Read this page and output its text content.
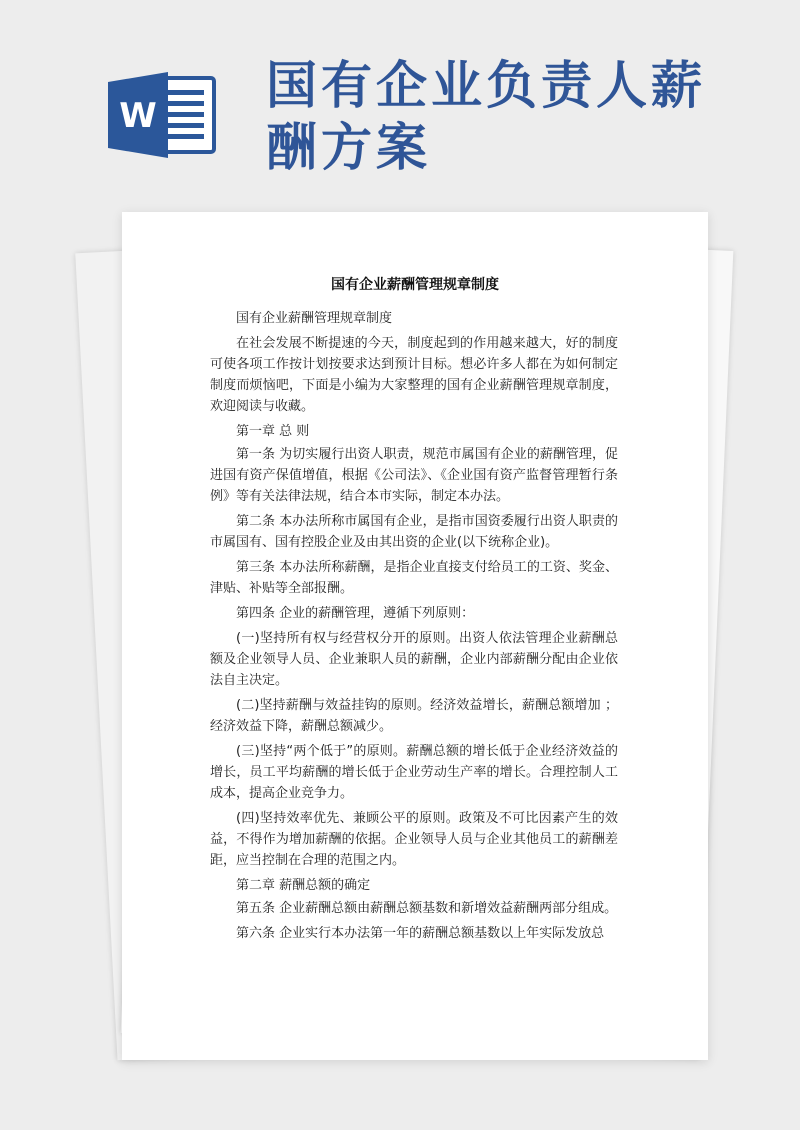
W 国有企业负责人薪
酬方案
国有企业薪酬管理规章制度

国有企业薪酬管理规章制度

在社会发展不断提速的今天，制度起到的作用越来越大，好的制度可使各项工作按计划按要求达到预计目标。想必许多人都在为如何制定制度而烦恼吧，下面是小编为大家整理的国有企业薪酬管理规章制度，欢迎阅读与收藏。

第一章 总 则

第一条 为切实履行出资人职责，规范市属国有企业的薪酬管理，促进国有资产保值增值，根据《公司法》、《企业国有资产监督管理暂行条例》等有关法律法规，结合本市实际，制定本办法。

第二条 本办法所称市属国有企业，是指市国资委履行出资人职责的市属国有、国有控股企业及由其出资的企业(以下统称企业)。

第三条 本办法所称薪酬，是指企业直接支付给员工的工资、奖金、津贴、补贴等全部报酬。

第四条 企业的薪酬管理，遵循下列原则：

(一)坚持所有权与经营权分开的原则。出资人依法管理企业薪酬总额及企业领导人员、企业兼职人员的薪酬，企业内部薪酬分配由企业依法自主决定。

(二)坚持薪酬与效益挂钩的原则。经济效益增长，薪酬总额增加 ；经济效益下降，薪酬总额减少。

(三)坚持“两个低于”的原则。薪酬总额的增长低于企业经济效益的增长，员工平均薪酬的增长低于企业劳动生产率的增长。合理控制人工成本，提高企业竞争力。

(四)坚持效率优先、兼顾公平的原则。政策及不可比因素产生的效益，不得作为增加薪酬的依据。企业领导人员与企业其他员工的薪酬差距，应当控制在合理的范围之内。

第二章 薪酬总额的确定

第五条 企业薪酬总额由薪酬总额基数和新增效益薪酬两部分组成。

第六条 企业实行本办法第一年的薪酬总额基数以上年实际发放总
